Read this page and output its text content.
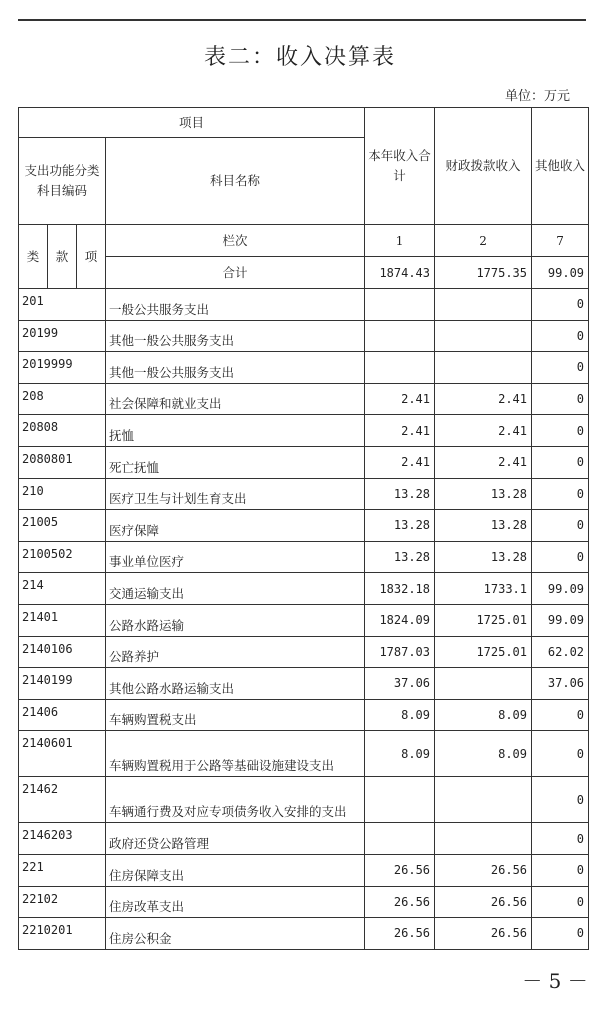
表二：收入决算表
单位：万元
项目				本年收入合计	财政拨款收入	其他收入
支出功能分类科目编码			科目名称			
类	款	项	栏次	1	2	7
			合计	1874.43	1775.35	99.09
201			一般公共服务支出			0
20199			其他一般公共服务支出			0
2019999			其他一般公共服务支出			0
208			社会保障和就业支出	2.41	2.41	0
20808			抚恤	2.41	2.41	0
2080801			死亡抚恤	2.41	2.41	0
210			医疗卫生与计划生育支出	13.28	13.28	0
21005			医疗保障	13.28	13.28	0
2100502			事业单位医疗	13.28	13.28	0
214			交通运输支出	1832.18	1733.1	99.09
21401			公路水路运输	1824.09	1725.01	99.09
2140106			公路养护	1787.03	1725.01	62.02
2140199			其他公路水路运输支出	37.06		37.06
21406			车辆购置税支出	8.09	8.09	0
2140601			车辆购置税用于公路等基础设施建设支出	8.09	8.09	0
21462			车辆通行费及对应专项债务收入安排的支出			0
2146203			政府还贷公路管理			0
221			住房保障支出	26.56	26.56	0
22102			住房改革支出	26.56	26.56	0
2210201			住房公积金	26.56	26.56	0
－ 5 －
